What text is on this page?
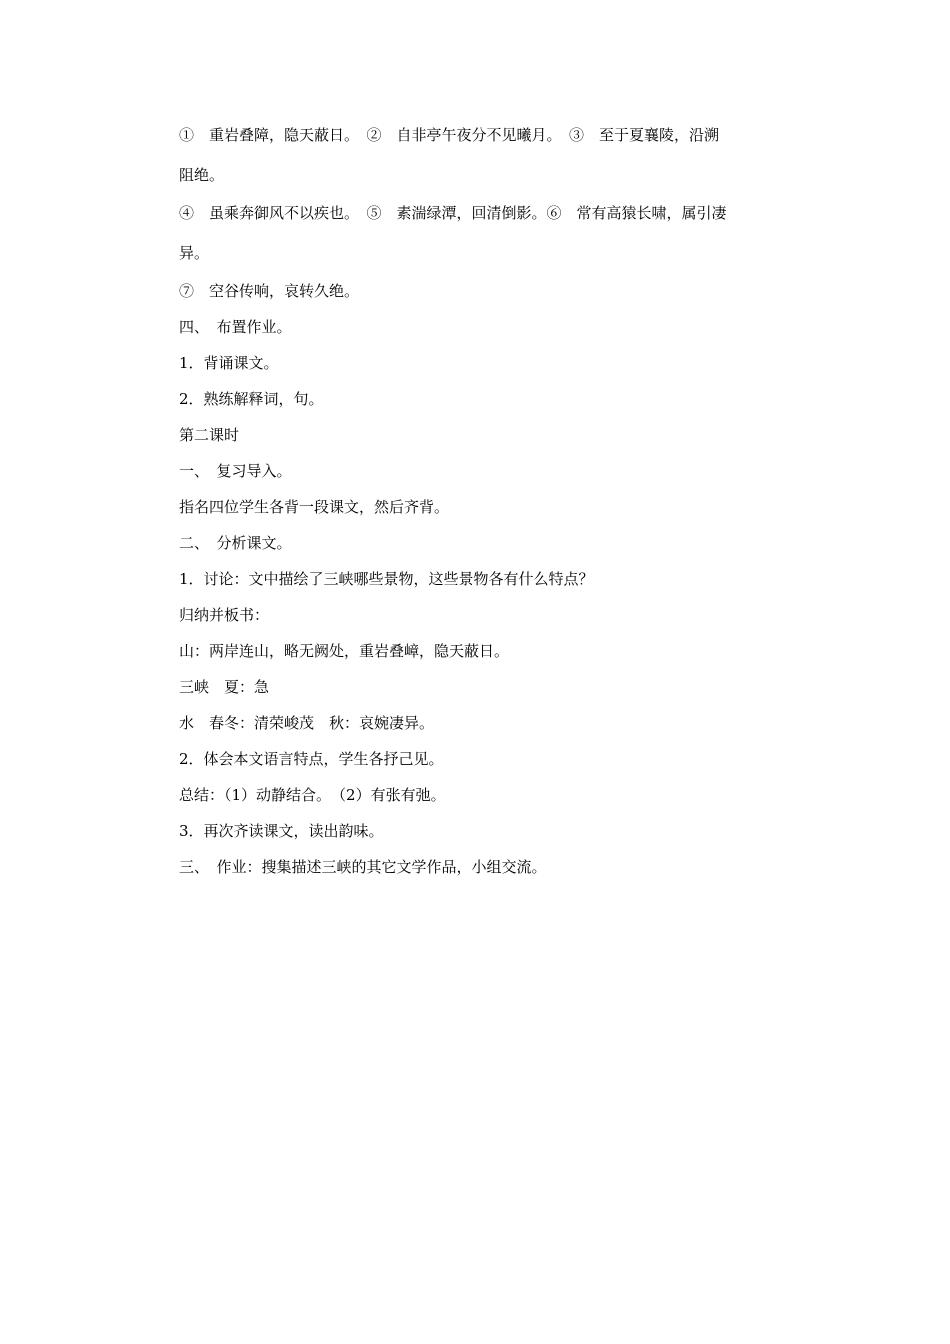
①　重岩叠障，隐天蔽日。　②　自非亭午夜分不见曦月。　③　至于夏襄陵，沿溯
阻绝。
④　虽乘奔御风不以疾也。　⑤　素湍绿潭，回清倒影。⑥　常有高猿长啸，属引凄
异。
⑦　空谷传响，哀转久绝。
四、　布置作业。
1．背诵课文。
2．熟练解释词，句。
第二课时
一、　复习导入。
指名四位学生各背一段课文，然后齐背。
二、　分析课文。
1．讨论：文中描绘了三峡哪些景物，这些景物各有什么特点？
归纳并板书：
山：两岸连山，略无阙处，重岩叠嶂，隐天蔽日。
三峡　夏：急
水　春冬：清荣峻茂　秋：哀婉凄异。
2．体会本文语言特点，学生各抒己见。
总结：（1）动静结合。　（2）有张有弛。
3．再次齐读课文，读出韵味。
三、　作业：搜集描述三峡的其它文学作品，小组交流。
